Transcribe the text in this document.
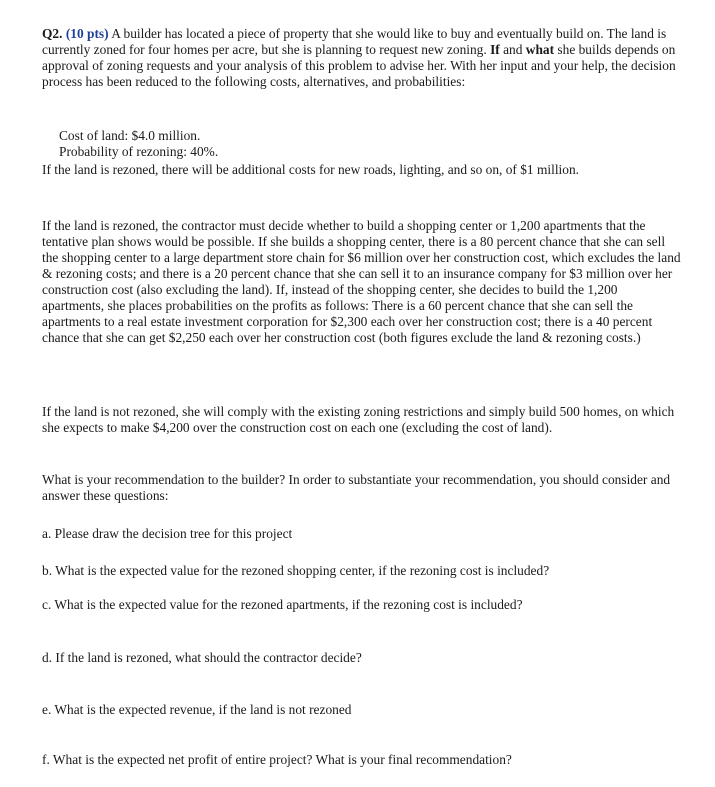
Q2. (10 pts) A builder has located a piece of property that she would like to buy and eventually build on. The land is currently zoned for four homes per acre, but she is planning to request new zoning. If and what she builds depends on approval of zoning requests and your analysis of this problem to advise her. With her input and your help, the decision process has been reduced to the following costs, alternatives, and probabilities:

Cost of land: $4.0 million.

Probability of rezoning: 40%.

If the land is rezoned, there will be additional costs for new roads, lighting, and so on, of $1 million.

If the land is rezoned, the contractor must decide whether to build a shopping center or 1,200 apartments that the tentative plan shows would be possible. If she builds a shopping center, there is a 80 percent chance that she can sell the shopping center to a large department store chain for $6 million over her construction cost, which excludes the land & rezoning costs; and there is a 20 percent chance that she can sell it to an insurance company for $3 million over her construction cost (also excluding the land). If, instead of the shopping center, she decides to build the 1,200 apartments, she places probabilities on the profits as follows: There is a 60 percent chance that she can sell the apartments to a real estate investment corporation for $2,300 each over her construction cost; there is a 40 percent chance that she can get $2,250 each over her construction cost (both figures exclude the land & rezoning costs.)

If the land is not rezoned, she will comply with the existing zoning restrictions and simply build 500 homes, on which she expects to make $4,200 over the construction cost on each one (excluding the cost of land).

What is your recommendation to the builder? In order to substantiate your recommendation, you should consider and answer these questions:

a. Please draw the decision tree for this project

b. What is the expected value for the rezoned shopping center, if the rezoning cost is included?

c. What is the expected value for the rezoned apartments, if the rezoning cost is included?

d. If the land is rezoned, what should the contractor decide?

e. What is the expected revenue, if the land is not rezoned

f. What is the expected net profit of entire project? What is your final recommendation?
